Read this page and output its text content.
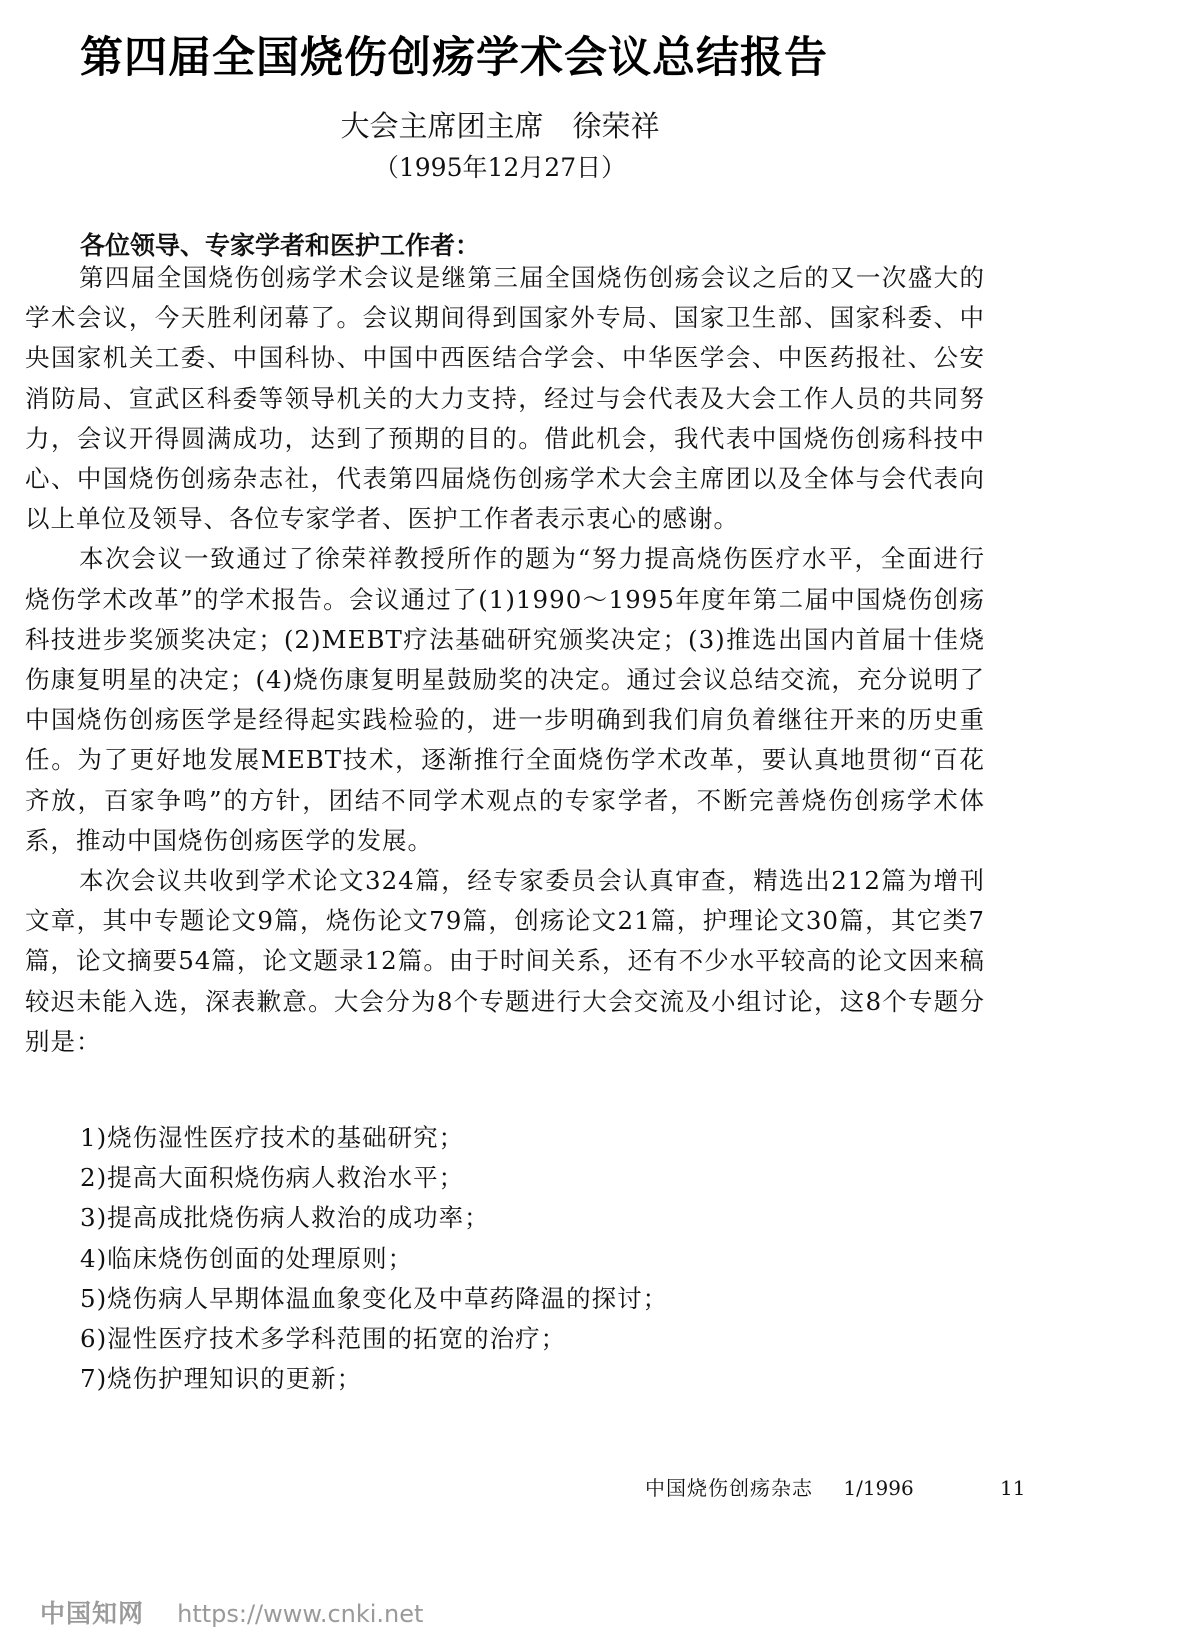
第四届全国烧伤创疡学术会议总结报告
大会主席团主席　徐荣祥
（1995年12月27日）
各位领导、专家学者和医护工作者：

第四届全国烧伤创疡学术会议是继第三届全国烧伤创疡会议之后的又一次盛大的学术会议，今天胜利闭幕了。会议期间得到国家外专局、国家卫生部、国家科委、中央国家机关工委、中国科协、中国中西医结合学会、中华医学会、中医药报社、公安消防局、宣武区科委等领导机关的大力支持，经过与会代表及大会工作人员的共同努力，会议开得圆满成功，达到了预期的目的。借此机会，我代表中国烧伤创疡科技中心、中国烧伤创疡杂志社，代表第四届烧伤创疡学术大会主席团以及全体与会代表向以上单位及领导、各位专家学者、医护工作者表示衷心的感谢。

本次会议一致通过了徐荣祥教授所作的题为“努力提高烧伤医疗水平，全面进行烧伤学术改革”的学术报告。会议通过了(1)1990～1995年度年第二届中国烧伤创疡科技进步奖颁奖决定；(2)MEBT疗法基础研究颁奖决定；(3)推选出国内首届十佳烧伤康复明星的决定；(4)烧伤康复明星鼓励奖的决定。通过会议总结交流，充分说明了中国烧伤创疡医学是经得起实践检验的，进一步明确到我们肩负着继往开来的历史重任。为了更好地发展MEBT技术，逐渐推行全面烧伤学术改革，要认真地贯彻“百花齐放，百家争鸣”的方针，团结不同学术观点的专家学者，不断完善烧伤创疡学术体系，推动中国烧伤创疡医学的发展。

本次会议共收到学术论文324篇，经专家委员会认真审查，精选出212篇为增刊文章，其中专题论文9篇，烧伤论文79篇，创疡论文21篇，护理论文30篇，其它类7篇，论文摘要54篇，论文题录12篇。由于时间关系，还有不少水平较高的论文因来稿较迟未能入选，深表歉意。大会分为8个专题进行大会交流及小组讨论，这8个专题分别是：

1)烧伤湿性医疗技术的基础研究；
2)提高大面积烧伤病人救治水平；
3)提高成批烧伤病人救治的成功率；
4)临床烧伤创面的处理原则；
5)烧伤病人早期体温血象变化及中草药降温的探讨；
6)湿性医疗技术多学科范围的拓宽的治疗；
7)烧伤护理知识的更新；
中国烧伤创疡杂志 1/1996	11
中国知网 https://www.cnki.net
